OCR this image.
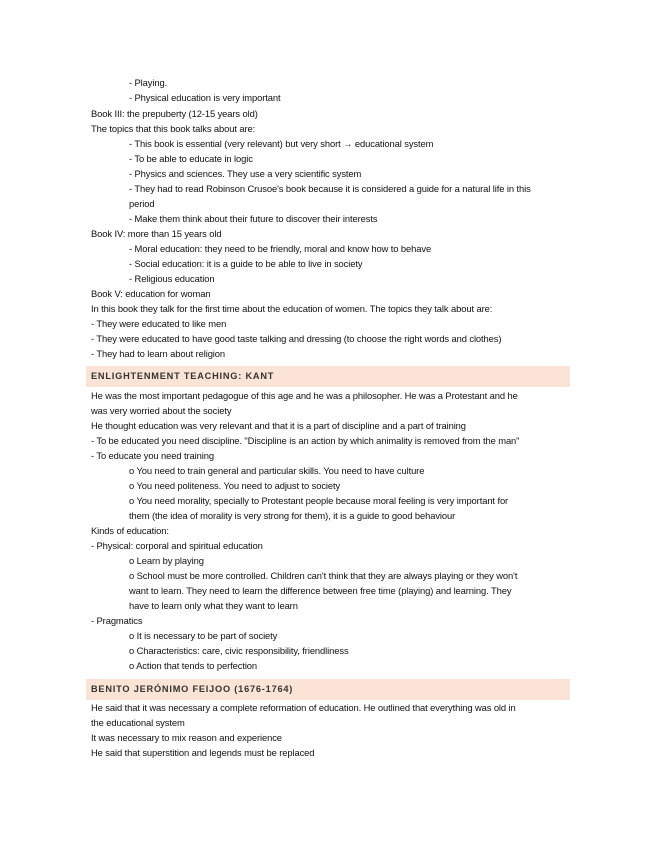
- Playing.
- Physical education is very important
Book III: the prepuberty (12-15 years old)
The topics that this book talks about are:
- This book is essential (very relevant) but very short → educational system
- To be able to educate in logic
- Physics and sciences. They use a very scientific system
- They had to read Robinson Crusoe's book because it is considered a guide for a natural life in this
period
- Make them think about their future to discover their interests
Book IV: more than 15 years old
- Moral education: they need to be friendly, moral and know how to behave
- Social education: it is a guide to be able to live in society
- Religious education
Book V: education for woman
In this book they talk for the first time about the education of women. The topics they talk about are:
- They were educated to like men
- They were educated to have good taste talking and dressing (to choose the right words and clothes)
- They had to learn about religion
ENLIGHTENMENT TEACHING: KANT
He was the most important pedagogue of this age and he was a philosopher. He was a Protestant and he
was very worried about the society
He thought education was very relevant and that it is a part of discipline and a part of training
- To be educated you need discipline. "Discipline is an action by which animality is removed from the man"
- To educate you need training
o You need to train general and particular skills. You need to have culture
o You need politeness. You need to adjust to society
o You need morality, specially to Protestant people because moral feeling is very important for
them (the idea of morality is very strong for them), it is a guide to good behaviour
Kinds of education:
- Physical: corporal and spiritual education
o Learn by playing
o School must be more controlled. Children can't think that they are always playing or they won't
want to learn. They need to learn the difference between free time (playing) and learning. They
have to learn only what they want to learn
- Pragmatics
o It is necessary to be part of society
o Characteristics: care, civic responsibility, friendliness
o Action that tends to perfection
BENITO JERÓNIMO FEIJOO (1676-1764)
He said that it was necessary a complete reformation of education. He outlined that everything was old in
the educational system
It was necessary to mix reason and experience
He said that superstition and legends must be replaced
